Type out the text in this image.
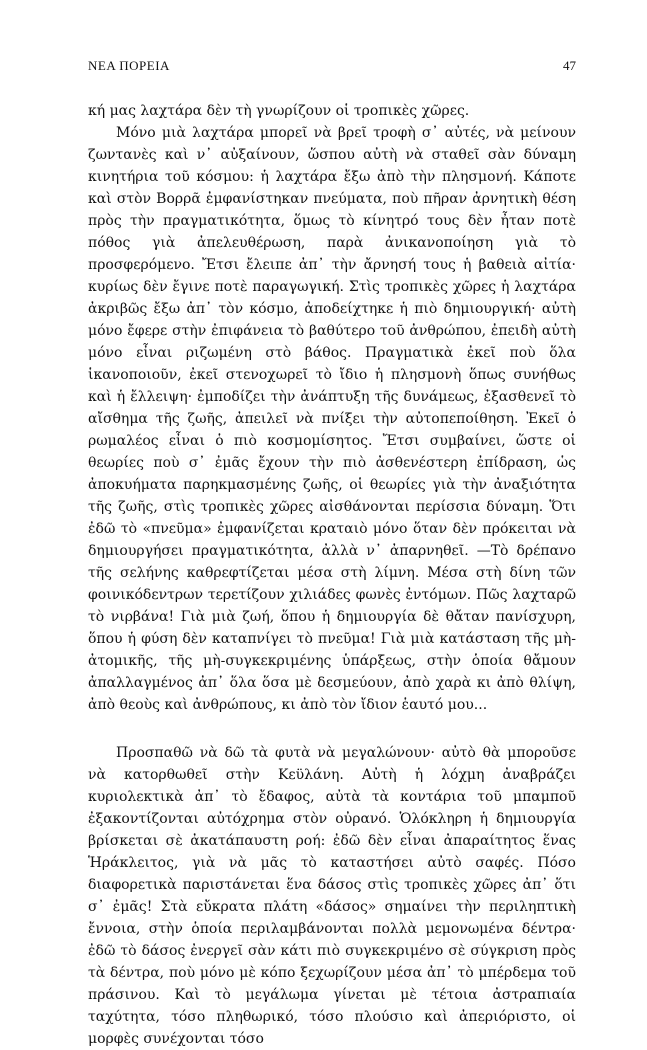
ΝΕΑ ΠΟΡΕΙΑ	47

κή μας λαχτάρα δὲν τὴ γνωρίζουν οἱ τροπικὲς χῶρες.

Μόνο μιὰ λαχτάρα μπορεῖ νὰ βρεῖ τροφὴ σ᾿ αὐτές, νὰ μείνουν ζωντανὲς καὶ ν᾿ αὐξαίνουν, ὥσπου αὐτὴ νὰ σταθεῖ σὰν δύναμη κινητήρια τοῦ κόσμου: ἡ λαχτάρα ἔξω ἀπὸ τὴν πλησμονή. Κάποτε καὶ στὸν Βορρᾶ ἐμφανίστηκαν πνεύματα, ποὺ πῆραν ἀρνητικὴ θέση πρὸς τὴν πραγματικότητα, ὅμως τὸ κίνητρό τους δὲν ἦταν ποτὲ πόθος γιὰ ἀπελευθέρωση, παρὰ ἀνικανοποίηση γιὰ τὸ προσφερόμενο. Ἔτσι ἔλειπε ἀπ᾿ τὴν ἄρνησή τους ἡ βαθειὰ αἰτία· κυρίως δὲν ἔγινε ποτὲ παραγωγική. Στὶς τροπικὲς χῶρες ἡ λαχτάρα ἀκριβῶς ἔξω ἀπ᾿ τὸν κόσμο, ἀποδείχτηκε ἡ πιὸ δημιουργική· αὐτὴ μόνο ἔφερε στὴν ἐπιφάνεια τὸ βαθύτερο τοῦ ἀνθρώπου, ἐπειδὴ αὐτὴ μόνο εἶναι ριζωμένη στὸ βάθος. Πραγματικὰ ἐκεῖ ποὺ ὅλα ἱκανοποιοῦν, ἐκεῖ στενοχωρεῖ τὸ ἴδιο ἡ πλησμονὴ ὅπως συνήθως καὶ ἡ ἔλλειψη· ἐμποδίζει τὴν ἀνάπτυξη τῆς δυνάμεως, ἐξασθενεῖ τὸ αἴσθημα τῆς ζωῆς, ἀπειλεῖ νὰ πνίξει τὴν αὐτοπεποίθηση. Ἐκεῖ ὁ ρωμαλέος εἶναι ὁ πιὸ κοσμομίσητος. Ἔτσι συμβαίνει, ὥστε οἱ θεωρίες ποὺ σ᾿ ἐμᾶς ἔχουν τὴν πιὸ ἀσθενέστερη ἐπίδραση, ὡς ἀποκυήματα παρηκμασμένης ζωῆς, οἱ θεωρίες γιὰ τὴν ἀναξιότητα τῆς ζωῆς, στὶς τροπικὲς χῶρες αἰσθάνονται περίσσια δύναμη. Ὅτι ἐδῶ τὸ «πνεῦμα» ἐμφανίζεται κραταιὸ μόνο ὅταν δὲν πρόκειται νὰ δημιουργήσει πραγματικότητα, ἀλλὰ ν᾿ ἀπαρνηθεῖ. —Τὸ δρέπανο τῆς σελήνης καθρεφτίζεται μέσα στὴ λίμνη. Μέσα στὴ δίνη τῶν φοινικόδεντρων τερετίζουν χιλιάδες φωνὲς ἐντόμων. Πῶς λαχταρῶ τὸ νιρβάνα! Γιὰ μιὰ ζωή, ὅπου ἡ δημιουργία δὲ θἄταν πανίσχυρη, ὅπου ἡ φύση δὲν καταπνίγει τὸ πνεῦμα! Γιὰ μιὰ κατάσταση τῆς μὴ-ἀτομικῆς, τῆς μὴ-συγκεκριμένης ὑπάρξεως, στὴν ὁποία θἄμουν ἀπαλλαγμένος ἀπ᾿ ὅλα ὅσα μὲ δεσμεύουν, ἀπὸ χαρὰ κι ἀπὸ θλίψη, ἀπὸ θεοὺς καὶ ἀνθρώπους, κι ἀπὸ τὸν ἴδιον ἑαυτό μου...

Προσπαθῶ νὰ δῶ τὰ φυτὰ νὰ μεγαλώνουν· αὐτὸ θὰ μποροῦσε νὰ κατορθωθεῖ στὴν Κεϋλάνη. Αὐτὴ ἡ λόχμη ἀναβράζει κυριολεκτικὰ ἀπ᾿ τὸ ἔδαφος, αὐτὰ τὰ κοντάρια τοῦ μπαμποῦ ἐξακοντίζονται αὐτόχρημα στὸν οὐρανό. Ὁλόκληρη ἡ δημιουργία βρίσκεται σὲ ἀκατάπαυστη ροή: ἐδῶ δὲν εἶναι ἀπαραίτητος ἕνας Ἡράκλειτος, γιὰ νὰ μᾶς τὸ καταστήσει αὐτὸ σαφές. Πόσο διαφορετικὰ παριστάνεται ἕνα δάσος στὶς τροπικὲς χῶρες ἀπ᾿ ὅτι σ᾿ ἐμᾶς! Στὰ εὔκρατα πλάτη «δάσος» σημαίνει τὴν περιληπτικὴ ἔννοια, στὴν ὁποία περιλαμβάνονται πολλὰ μεμονωμένα δέντρα· ἐδῶ τὸ δάσος ἐνεργεῖ σὰν κάτι πιὸ συγκεκριμένο σὲ σύγκριση πρὸς τὰ δέντρα, ποὺ μόνο μὲ κόπο ξεχωρίζουν μέσα ἀπ᾿ τὸ μπέρδεμα τοῦ πράσινου. Καὶ τὸ μεγάλωμα γίνεται μὲ τέτοια ἀστραπιαία ταχύτητα, τόσο πληθωρικό, τόσο πλούσιο καὶ ἀπεριόριστο, οἱ μορφὲς συνέχονται τόσο
